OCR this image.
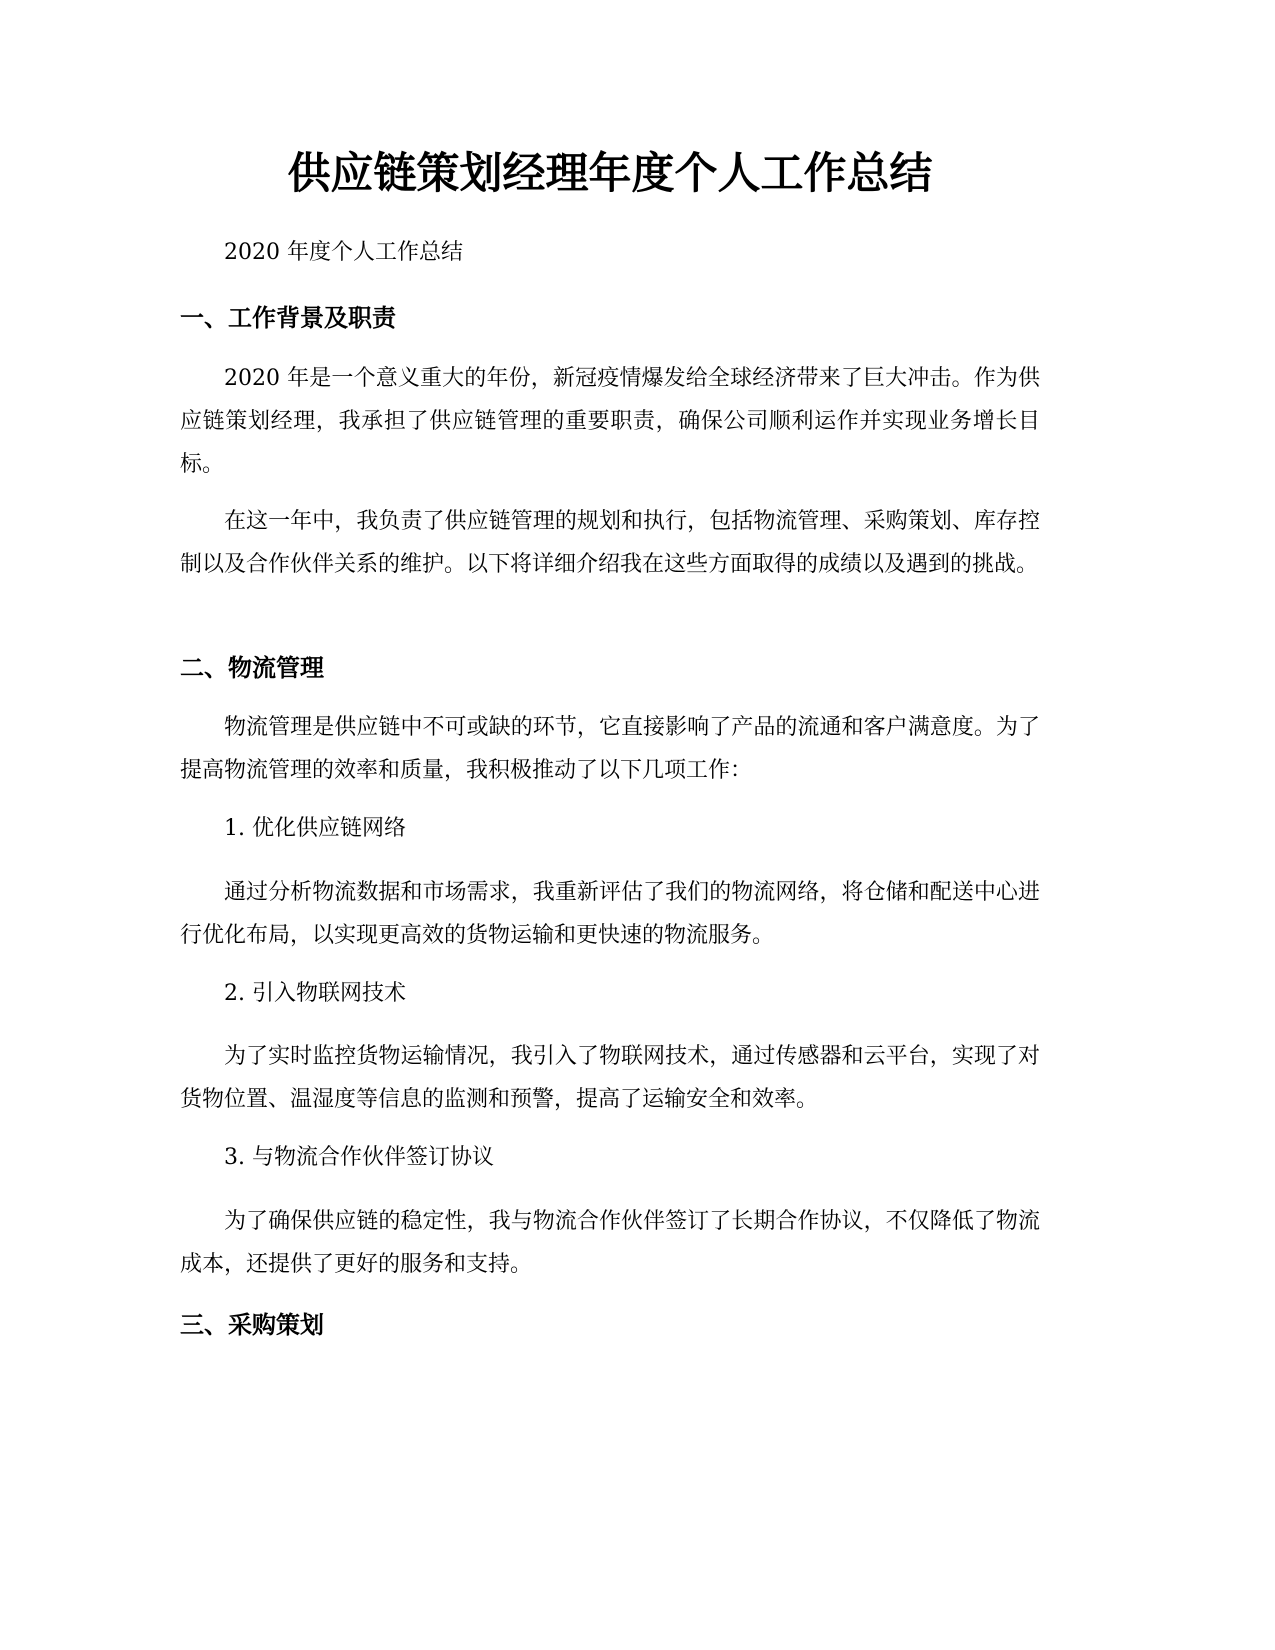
供应链策划经理年度个人工作总结

2020 年度个人工作总结

一、工作背景及职责

2020 年是一个意义重大的年份，新冠疫情爆发给全球经济带来了巨大冲击。作为供应链策划经理，我承担了供应链管理的重要职责，确保公司顺利运作并实现业务增长目标。

在这一年中，我负责了供应链管理的规划和执行，包括物流管理、采购策划、库存控制以及合作伙伴关系的维护。以下将详细介绍我在这些方面取得的成绩以及遇到的挑战。

二、物流管理

物流管理是供应链中不可或缺的环节，它直接影响了产品的流通和客户满意度。为了提高物流管理的效率和质量，我积极推动了以下几项工作：

1. 优化供应链网络

通过分析物流数据和市场需求，我重新评估了我们的物流网络，将仓储和配送中心进行优化布局，以实现更高效的货物运输和更快速的物流服务。

2. 引入物联网技术

为了实时监控货物运输情况，我引入了物联网技术，通过传感器和云平台，实现了对货物位置、温湿度等信息的监测和预警，提高了运输安全和效率。

3. 与物流合作伙伴签订协议

为了确保供应链的稳定性，我与物流合作伙伴签订了长期合作协议，不仅降低了物流成本，还提供了更好的服务和支持。

三、采购策划
